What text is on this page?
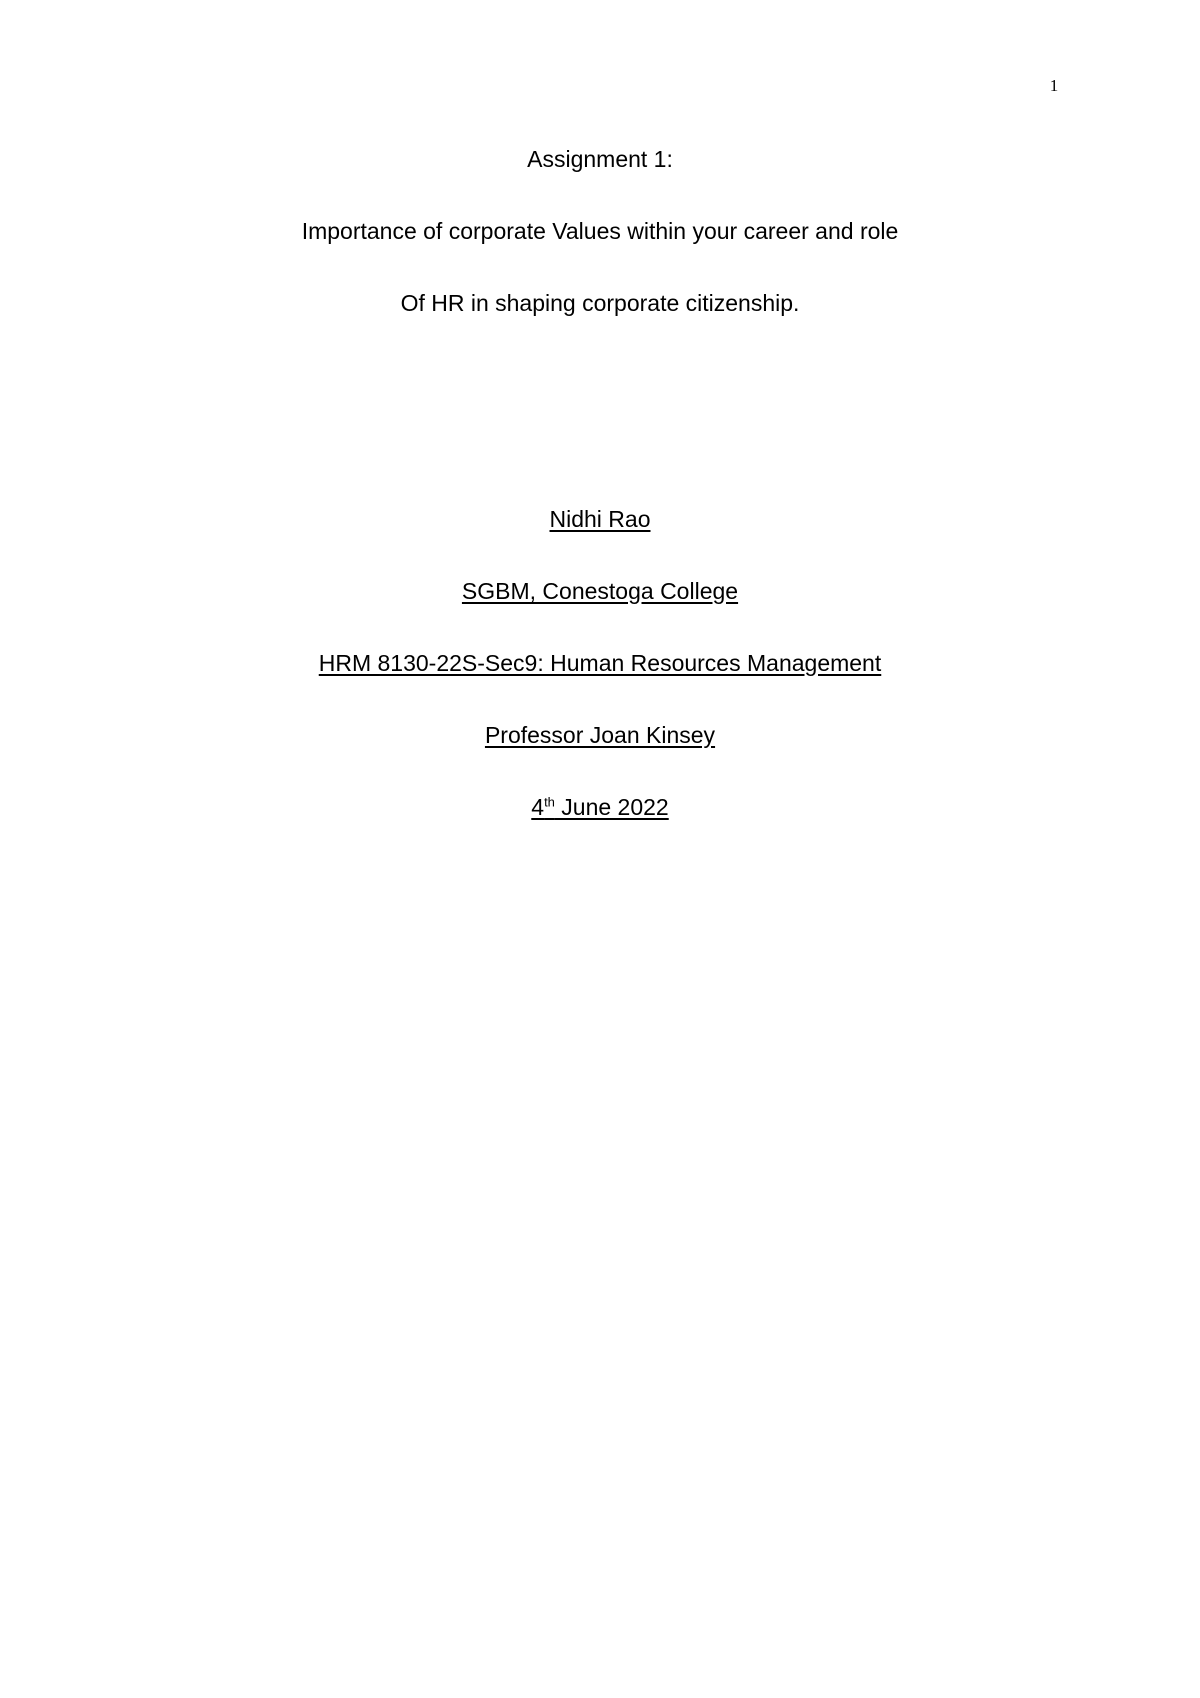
1
Assignment 1:
Importance of corporate Values within your career and role
Of HR in shaping corporate citizenship.
Nidhi Rao
SGBM, Conestoga College
HRM 8130-22S-Sec9: Human Resources Management
Professor Joan Kinsey
4th June 2022
